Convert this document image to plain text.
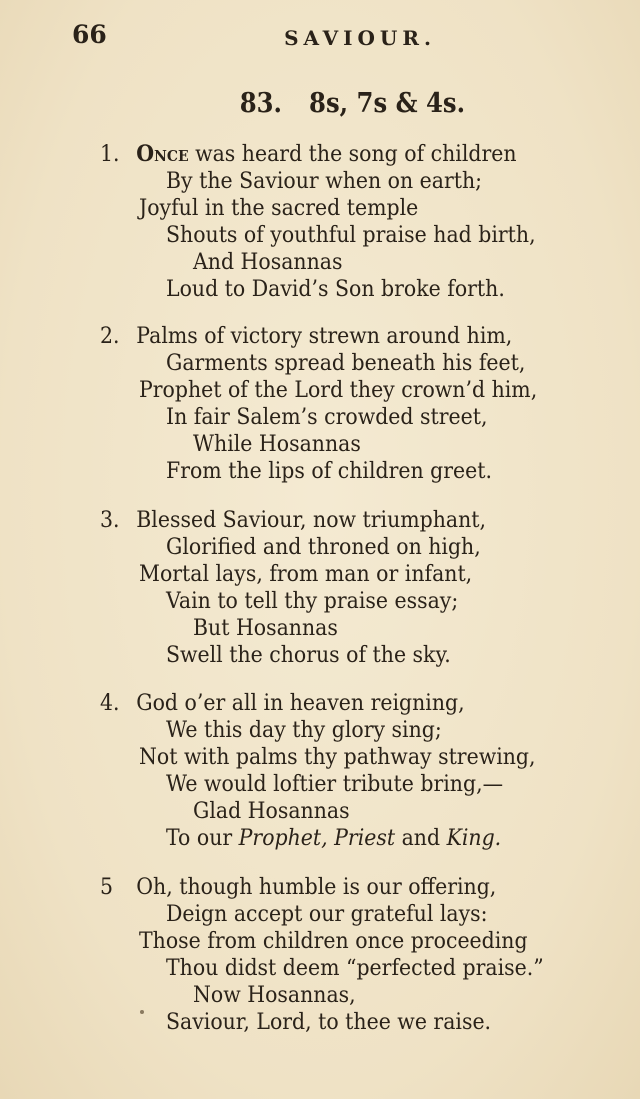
66	SAVIOUR.
83. 8s, 7s & 4s.
1. Once was heard the song of children
By the Saviour when on earth;
Joyful in the sacred temple
Shouts of youthful praise had birth,
And Hosannas
Loud to David’s Son broke forth.
2. Palms of victory strewn around him,
Garments spread beneath his feet,
Prophet of the Lord they crown’d him,
In fair Salem’s crowded street,
While Hosannas
From the lips of children greet.
3. Blessed Saviour, now triumphant,
Glorified and throned on high,
Mortal lays, from man or infant,
Vain to tell thy praise essay;
But Hosannas
Swell the chorus of the sky.
4. God o’er all in heaven reigning,
We this day thy glory sing;
Not with palms thy pathway strewing,
We would loftier tribute bring,—
Glad Hosannas
To our Prophet, Priest and King.
5 Oh, though humble is our offering,
Deign accept our grateful lays:
Those from children once proceeding
Thou didst deem “perfected praise.”
Now Hosannas,
Saviour, Lord, to thee we raise.
